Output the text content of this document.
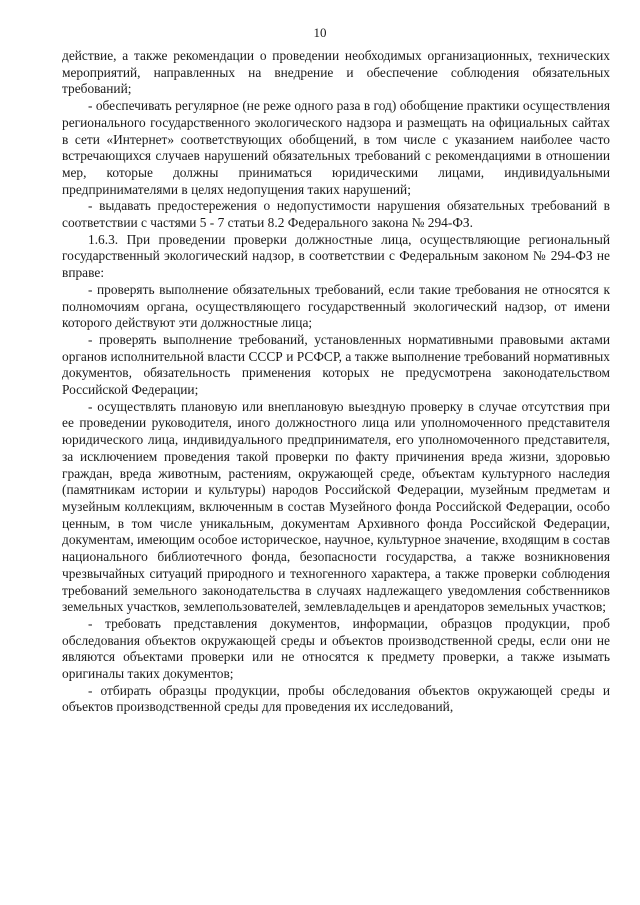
10

действие, а также рекомендации о проведении необходимых организационных, технических мероприятий, направленных на внедрение и обеспечение соблюдения обязательных требований;

- обеспечивать регулярное (не реже одного раза в год) обобщение практики осуществления регионального государственного экологического надзора и размещать на официальных сайтах в сети «Интернет» соответствующих обобщений, в том числе с указанием наиболее часто встречающихся случаев нарушений обязательных требований с рекомендациями в отношении мер, которые должны приниматься юридическими лицами, индивидуальными предпринимателями в целях недопущения таких нарушений;

- выдавать предостережения о недопустимости нарушения обязательных требований в соответствии с частями 5 - 7 статьи 8.2 Федерального закона № 294-ФЗ.

1.6.3. При проведении проверки должностные лица, осуществляющие региональный государственный экологический надзор, в соответствии с Федеральным законом № 294-ФЗ не вправе:

- проверять выполнение обязательных требований, если такие требования не относятся к полномочиям органа, осуществляющего государственный экологический надзор, от имени которого действуют эти должностные лица;

- проверять выполнение требований, установленных нормативными правовыми актами органов исполнительной власти СССР и РСФСР, а также выполнение требований нормативных документов, обязательность применения которых не предусмотрена законодательством Российской Федерации;

- осуществлять плановую или внеплановую выездную проверку в случае отсутствия при ее проведении руководителя, иного должностного лица или уполномоченного представителя юридического лица, индивидуального предпринимателя, его уполномоченного представителя, за исключением проведения такой проверки по факту причинения вреда жизни, здоровью граждан, вреда животным, растениям, окружающей среде, объектам культурного наследия (памятникам истории и культуры) народов Российской Федерации, музейным предметам и музейным коллекциям, включенным в состав Музейного фонда Российской Федерации, особо ценным, в том числе уникальным, документам Архивного фонда Российской Федерации, документам, имеющим особое историческое, научное, культурное значение, входящим в состав национального библиотечного фонда, безопасности государства, а также возникновения чрезвычайных ситуаций природного и техногенного характера, а также проверки соблюдения требований земельного законодательства в случаях надлежащего уведомления собственников земельных участков, землепользователей, землевладельцев и арендаторов земельных участков;

- требовать представления документов, информации, образцов продукции, проб обследования объектов окружающей среды и объектов производственной среды, если они не являются объектами проверки или не относятся к предмету проверки, а также изымать оригиналы таких документов;

- отбирать образцы продукции, пробы обследования объектов окружающей среды и объектов производственной среды для проведения их исследований,
